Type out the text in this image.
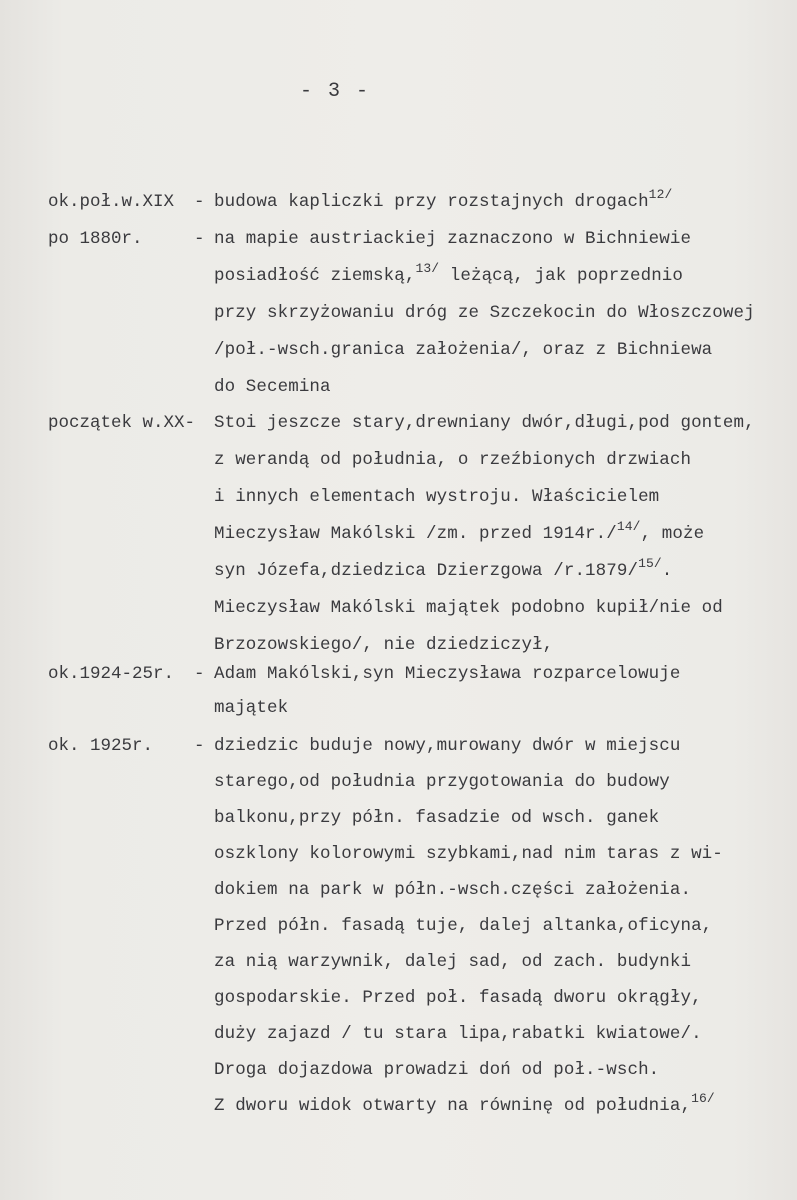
- 3 -
ok.poł.w.XIX - budowa kapliczki przy rozstajnych drogach$^{12/}$
po 1880r.	- na mapie austriackiej zaznaczono w Bichniewie
posiadłość ziemską,$^{13/}$ leżącą, jak poprzednio
przy skrzyżowaniu dróg ze Szczekocin do Włoszczowej
/poł.-wsch.granica założenia/, oraz z Bichniewa
do Secemina
początek w.XX- Stoi jeszcze stary,drewniany dwór,długi,pod gontem,
z werandą od południa, o rzeźbionych drzwiach
i innych elementach wystroju. Właścicielem
Mieczysław Makólski /zm. przed 1914r./$^{14/}$, może
syn Józefa,dziedzica Dzierzgowa /r.1879/$^{15/}$.
Mieczysław Makólski majątek podobno kupił/nie od
Brzozowskiego/, nie dziedziczył,
ok.1924-25r. - Adam Makólski,syn Mieczysława rozparcelowuje
majątek
ok. 1925r. - dziedzic buduje nowy,murowany dwór w miejscu
starego,od południa przygotowania do budowy
balkonu,przy półn. fasadzie od wsch. ganek
oszklony kolorowymi szybkami,nad nim taras z wi-
dokiem na park w półn.-wsch.części założenia.
Przed półn. fasadą tuje, dalej altanka,oficyna,
za nią warzywnik, dalej sad, od zach. budynki
gospodarskie. Przed poł. fasadą dworu okrągły,
duży zajazd / tu stara lipa,rabatki kwiatowe/.
Droga dojazdowa prowadzi doń od poł.-wsch.
Z dworu widok otwarty na równinę od południa,$^{16/}$
